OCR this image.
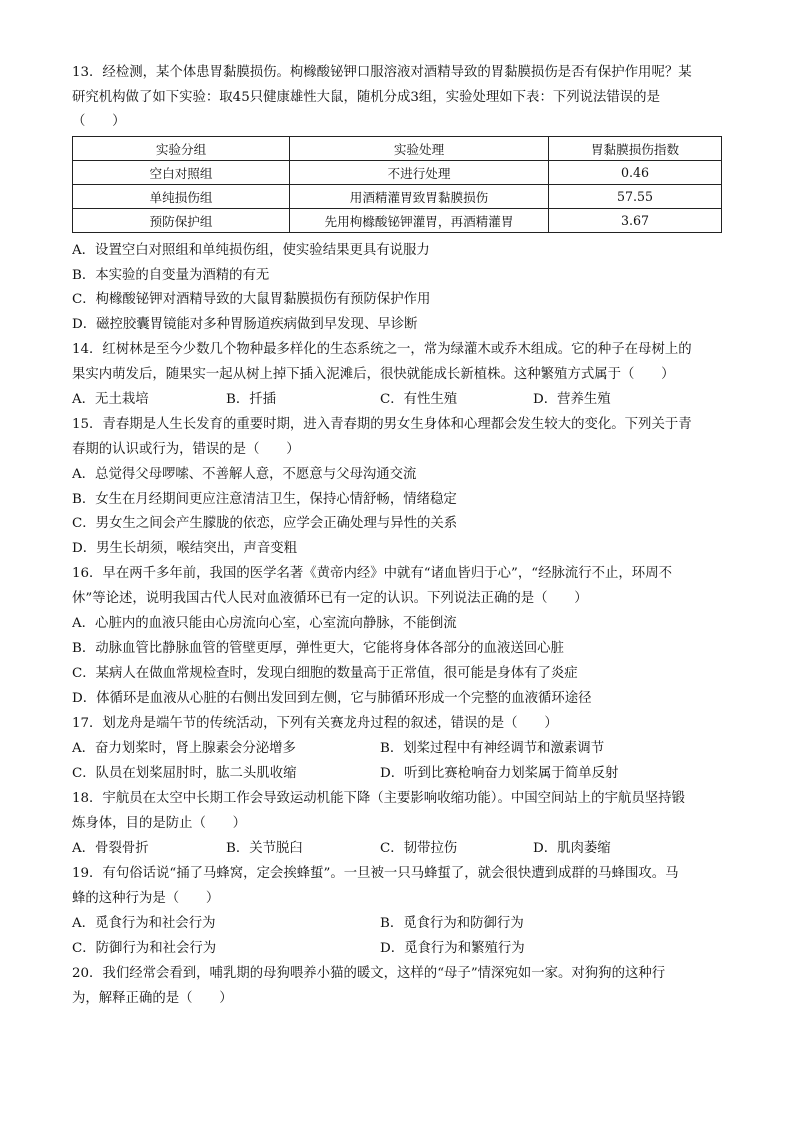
13．经检测，某个体患胃黏膜损伤。枸橼酸铋钾口服溶液对酒精导致的胃黏膜损伤是否有保护作用呢？某
研究机构做了如下实验：取45只健康雄性大鼠，随机分成3组，实验处理如下表：下列说法错误的是
（　　）
实验分组	实验处理	胃黏膜损伤指数
空白对照组	不进行处理	0.46
单纯损伤组	用酒精灌胃致胃黏膜损伤	57.55
预防保护组	先用枸橼酸铋钾灌胃，再酒精灌胃	3.67
A．设置空白对照组和单纯损伤组，使实验结果更具有说服力
B．本实验的自变量为酒精的有无
C．枸橼酸铋钾对酒精导致的大鼠胃黏膜损伤有预防保护作用
D．磁控胶囊胃镜能对多种胃肠道疾病做到早发现、早诊断
14．红树林是至今少数几个物种最多样化的生态系统之一，常为绿灌木或乔木组成。它的种子在母树上的
果实内萌发后，随果实一起从树上掉下插入泥滩后，很快就能成长新植株。这种繁殖方式属于（　　）
A．无土栽培	B．扦插	C．有性生殖	D．营养生殖
15．青春期是人生长发育的重要时期，进入青春期的男女生身体和心理都会发生较大的变化。下列关于青
春期的认识或行为，错误的是（　　）
A．总觉得父母啰嗦、不善解人意，不愿意与父母沟通交流
B．女生在月经期间更应注意清洁卫生，保持心情舒畅，情绪稳定
C．男女生之间会产生朦胧的依恋，应学会正确处理与异性的关系
D．男生长胡须，喉结突出，声音变粗
16．早在两千多年前，我国的医学名著《黄帝内经》中就有“诸血皆归于心”，“经脉流行不止，环周不
休”等论述，说明我国古代人民对血液循环已有一定的认识。下列说法正确的是（　　）
A．心脏内的血液只能由心房流向心室，心室流向静脉，不能倒流
B．动脉血管比静脉血管的管壁更厚，弹性更大，它能将身体各部分的血液送回心脏
C．某病人在做血常规检查时，发现白细胞的数量高于正常值，很可能是身体有了炎症
D．体循环是血液从心脏的右侧出发回到左侧，它与肺循环形成一个完整的血液循环途径
17．划龙舟是端午节的传统活动，下列有关赛龙舟过程的叙述，错误的是（　　）
A．奋力划桨时，肾上腺素会分泌增多	B．划桨过程中有神经调节和激素调节
C．队员在划桨屈肘时，肱二头肌收缩	D．听到比赛枪响奋力划桨属于简单反射
18．宇航员在太空中长期工作会导致运动机能下降（主要影响收缩功能）。中国空间站上的宇航员坚持锻
炼身体，目的是防止（　　）
A．骨裂骨折	B．关节脱臼	C．韧带拉伤	D．肌肉萎缩
19．有句俗话说“捅了马蜂窝，定会挨蜂蜇”。一旦被一只马蜂蜇了，就会很快遭到成群的马蜂围攻。马
蜂的这种行为是（　　）
A．觅食行为和社会行为	B．觅食行为和防御行为
C．防御行为和社会行为	D．觅食行为和繁殖行为
20．我们经常会看到，哺乳期的母狗喂养小猫的暖文，这样的“母子”情深宛如一家。对狗狗的这种行
为，解释正确的是（　　）
